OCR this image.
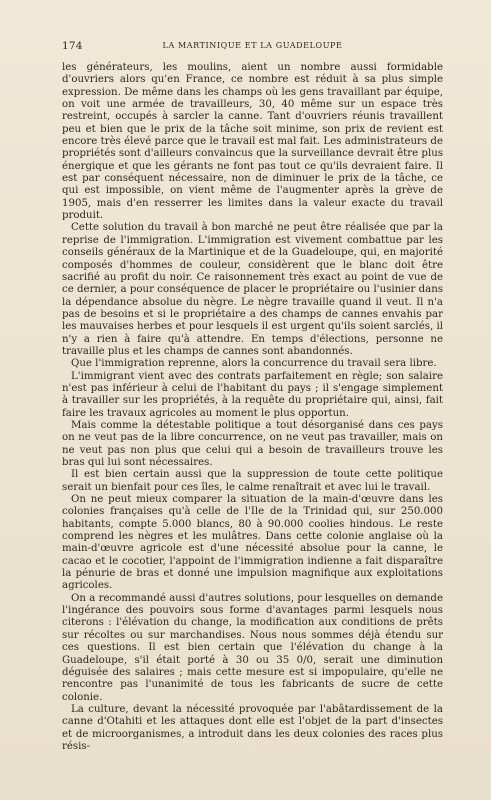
174	LA MARTINIQUE ET LA GUADELOUPE

les générateurs, les moulins, aient un nombre aussi formidable d'ouvriers alors qu'en France, ce nombre est réduit à sa plus simple expression. De même dans les champs où les gens travaillant par équipe, on voit une armée de travailleurs, 30, 40 même sur un espace très restreint, occupés à sarcler la canne. Tant d'ouvriers réunis travaillent peu et bien que le prix de la tâche soit minime, son prix de revient est encore très élevé parce que le travail est mal fait. Les administrateurs de propriétés sont d'ailleurs convaincus que la surveillance devrait être plus énergique et que les gérants ne font pas tout ce qu'ils devraient faire. Il est par conséquent nécessaire, non de diminuer le prix de la tâche, ce qui est impossible, on vient même de l'augmenter après la grève de 1905, mais d'en resserrer les limites dans la valeur exacte du travail produit.

Cette solution du travail à bon marché ne peut être réalisée que par la reprise de l'immigration. L'immigration est vivement combattue par les conseils généraux de la Martinique et de la Guadeloupe, qui, en majorité composés d'hommes de couleur, considèrent que le blanc doit être sacrifié au profit du noir. Ce raisonnement très exact au point de vue de ce dernier, a pour conséquence de placer le propriétaire ou l'usinier dans la dépendance absolue du nègre. Le nègre travaille quand il veut. Il n'a pas de besoins et si le propriétaire a des champs de cannes envahis par les mauvaises herbes et pour lesquels il est urgent qu'ils soient sarclés, il n'y a rien à faire qu'à attendre. En temps d'élections, personne ne travaille plus et les champs de cannes sont abandonnés.

Que l'immigration reprenne, alors la concurrence du travail sera libre.

L'immigrant vient avec des contrats parfaitement en règle; son salaire n'est pas inférieur à celui de l'habitant du pays ; il s'engage simplement à travailler sur les propriétés, à la requête du propriétaire qui, ainsi, fait faire les travaux agricoles au moment le plus opportun.

Mais comme la détestable politique a tout désorganisé dans ces pays on ne veut pas de la libre concurrence, on ne veut pas travailler, mais on ne veut pas non plus que celui qui a besoin de travailleurs trouve les bras qui lui sont nécessaires.

Il est bien certain aussi que la suppression de toute cette politique serait un bienfait pour ces îles, le calme renaîtrait et avec lui le travail.

On ne peut mieux comparer la situation de la main-d'œuvre dans les colonies françaises qu'à celle de l'Ile de la Trinidad qui, sur 250.000 habitants, compte 5.000 blancs, 80 à 90.000 coolies hindous. Le reste comprend les nègres et les mulâtres. Dans cette colonie anglaise où la main-d'œuvre agricole est d'une nécessité absolue pour la canne, le cacao et le cocotier, l'appoint de l'immigration indienne a fait disparaître la pénurie de bras et donné une impulsion magnifique aux exploitations agricoles.

On a recommandé aussi d'autres solutions, pour lesquelles on demande l'ingérance des pouvoirs sous forme d'avantages parmi lesquels nous citerons : l'élévation du change, la modification aux conditions de prêts sur récoltes ou sur marchandises. Nous nous sommes déjà étendu sur ces questions. Il est bien certain que l'élévation du change à la Guadeloupe, s'il était porté à 30 ou 35 0/0, serait une diminution déguisée des salaires ; mais cette mesure est si impopulaire, qu'elle ne rencontre pas l'unanimité de tous les fabricants de sucre de cette colonie.

La culture, devant la nécessité provoquée par l'abâtardissement de la canne d'Otahiti et les attaques dont elle est l'objet de la part d'insectes et de microorganismes, a introduit dans les deux colonies des races plus résis-
